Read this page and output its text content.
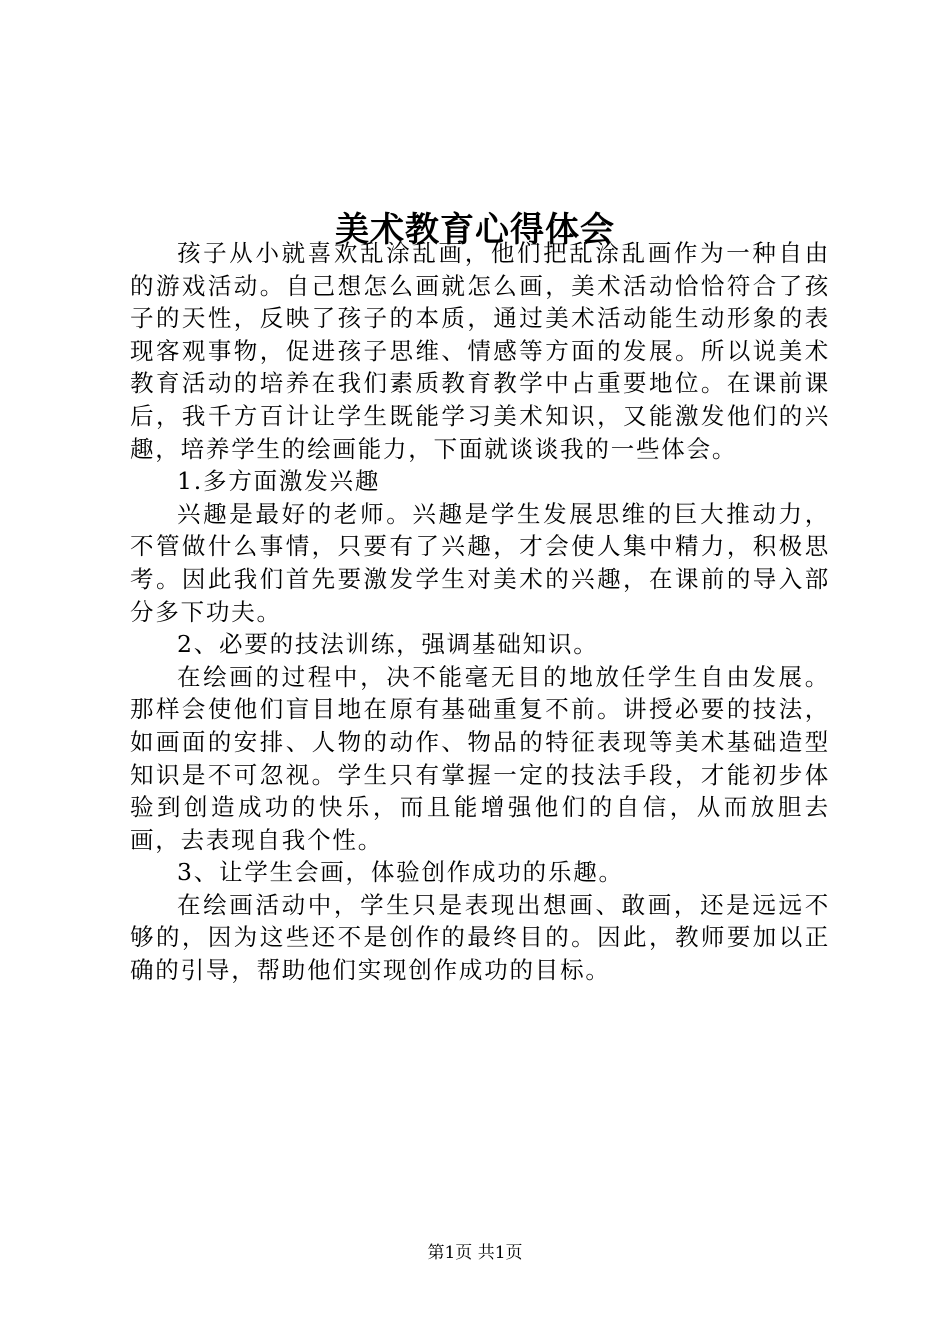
美术教育心得体会

孩子从小就喜欢乱涂乱画，他们把乱涂乱画作为一种自由的游戏活动。自己想怎么画就怎么画，美术活动恰恰符合了孩子的天性，反映了孩子的本质，通过美术活动能生动形象的表现客观事物，促进孩子思维、情感等方面的发展。所以说美术教育活动的培养在我们素质教育教学中占重要地位。在课前课后，我千方百计让学生既能学习美术知识，又能激发他们的兴趣，培养学生的绘画能力，下面就谈谈我的一些体会。

1.多方面激发兴趣

兴趣是最好的老师。兴趣是学生发展思维的巨大推动力，不管做什么事情，只要有了兴趣，才会使人集中精力，积极思考。因此我们首先要激发学生对美术的兴趣，在课前的导入部分多下功夫。

2、必要的技法训练，强调基础知识。

在绘画的过程中，决不能毫无目的地放任学生自由发展。那样会使他们盲目地在原有基础重复不前。讲授必要的技法，如画面的安排、人物的动作、物品的特征表现等美术基础造型知识是不可忽视。学生只有掌握一定的技法手段，才能初步体验到创造成功的快乐，而且能增强他们的自信，从而放胆去画，去表现自我个性。

3、让学生会画，体验创作成功的乐趣。

在绘画活动中，学生只是表现出想画、敢画，还是远远不够的，因为这些还不是创作的最终目的。因此，教师要加以正确的引导，帮助他们实现创作成功的目标。

第1页 共1页
